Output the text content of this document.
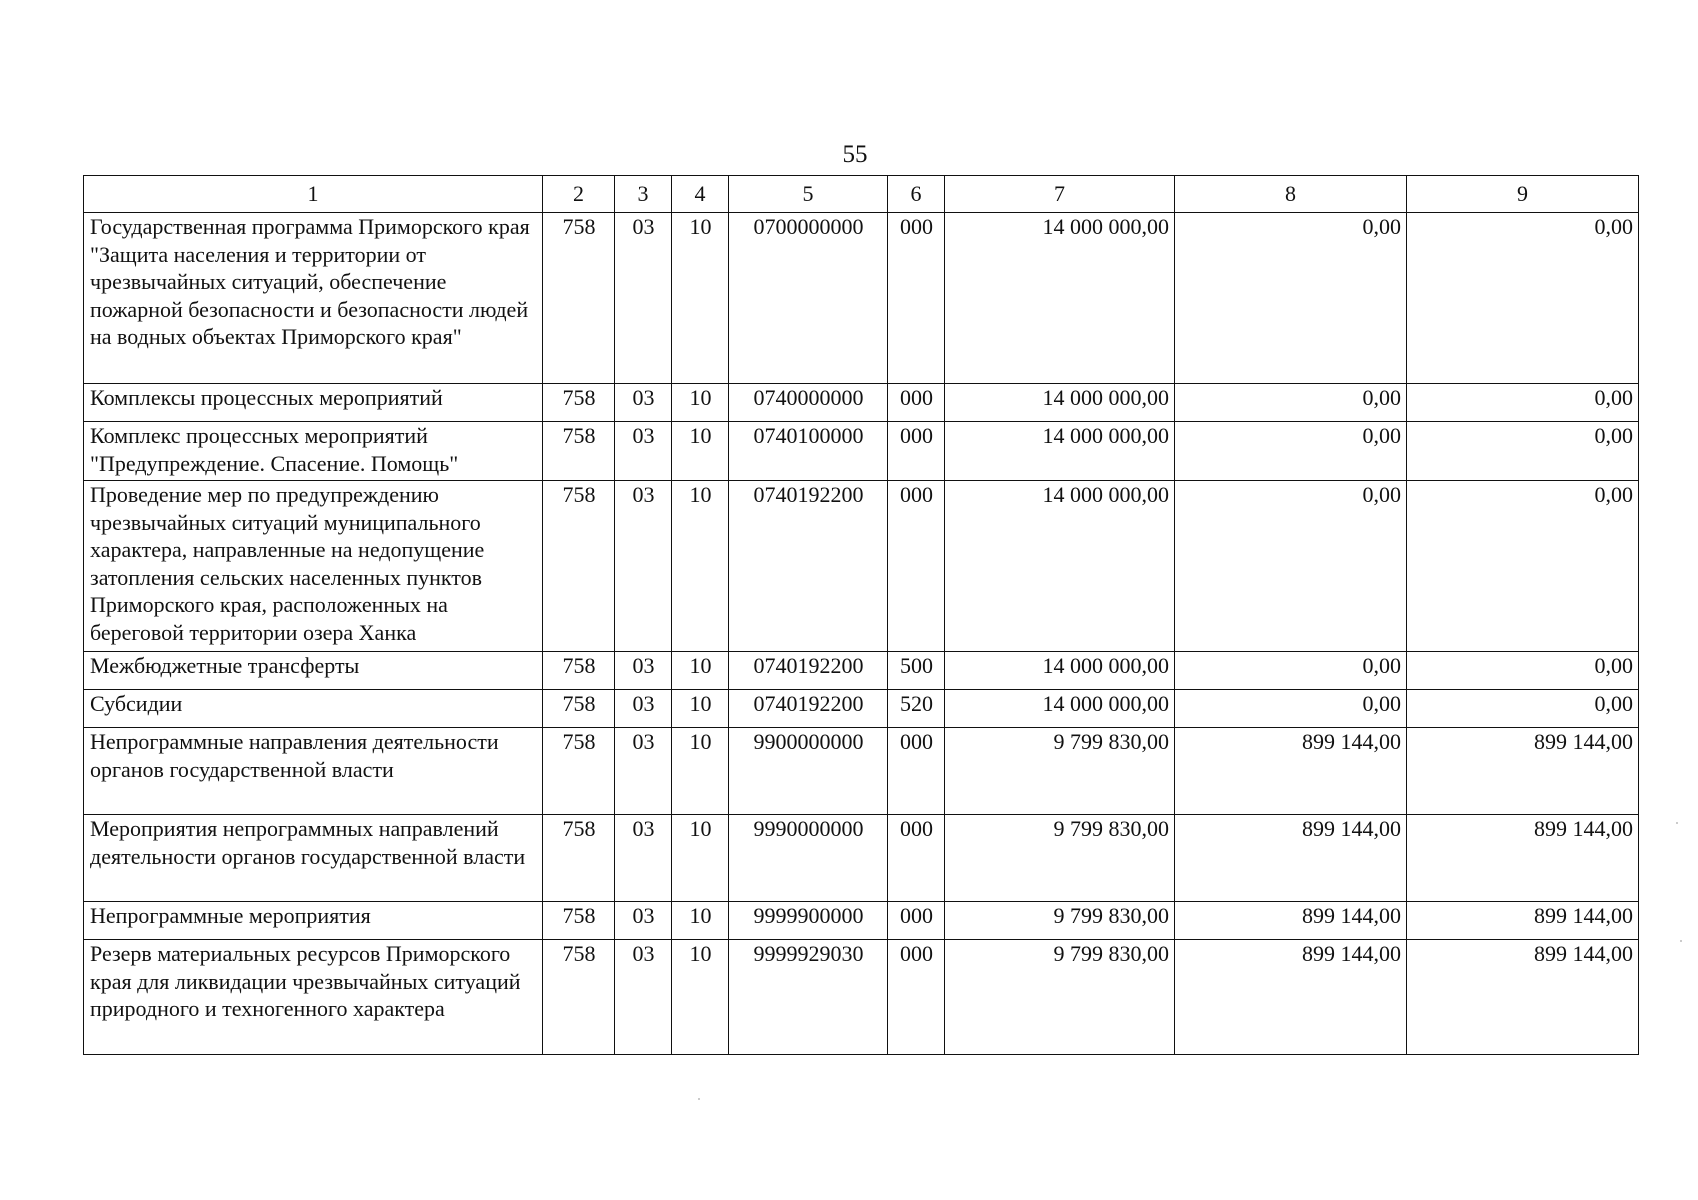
55
1	2	3	4	5	6	7	8	9
Государственная программа Приморского края "Защита населения и территории от чрезвычайных ситуаций, обеспечение пожарной безопасности и безопасности людей на водных объектах Приморского края"	758	03	10	0700000000	000	14 000 000,00	0,00	0,00
Комплексы процессных мероприятий	758	03	10	0740000000	000	14 000 000,00	0,00	0,00
Комплекс процессных мероприятий "Предупреждение. Спасение. Помощь"	758	03	10	0740100000	000	14 000 000,00	0,00	0,00
Проведение мер по предупреждению чрезвычайных ситуаций муниципального характера, направленные на недопущение затопления сельских населенных пунктов Приморского края, расположенных на береговой территории озера Ханка	758	03	10	0740192200	000	14 000 000,00	0,00	0,00
Межбюджетные трансферты	758	03	10	0740192200	500	14 000 000,00	0,00	0,00
Субсидии	758	03	10	0740192200	520	14 000 000,00	0,00	0,00
Непрограммные направления деятельности органов государственной власти	758	03	10	9900000000	000	9 799 830,00	899 144,00	899 144,00
Мероприятия непрограммных направлений деятельности органов государственной власти	758	03	10	9990000000	000	9 799 830,00	899 144,00	899 144,00
Непрограммные мероприятия	758	03	10	9999900000	000	9 799 830,00	899 144,00	899 144,00
Резерв материальных ресурсов Приморского края для ликвидации чрезвычайных ситуаций природного и техногенного характера	758	03	10	9999929030	000	9 799 830,00	899 144,00	899 144,00
